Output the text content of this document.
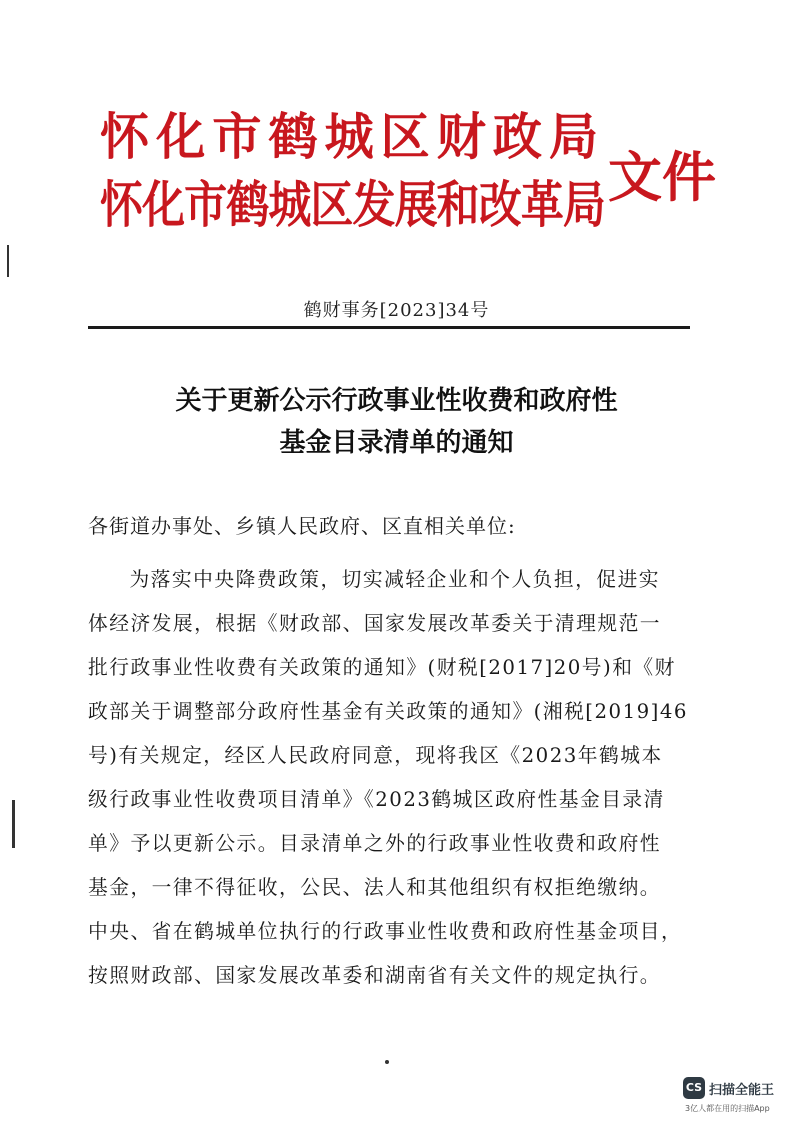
怀化市鹤城区财政局
怀化市鹤城区发展和改革局 文件
鹤财事务[2023]34号
关于更新公示行政事业性收费和政府性
基金目录清单的通知
各街道办事处、乡镇人民政府、区直相关单位:
为落实中央降费政策，切实减轻企业和个人负担，促进实
体经济发展，根据《财政部、国家发展改革委关于清理规范一
批行政事业性收费有关政策的通知》(财税[2017]20号)和《财
政部关于调整部分政府性基金有关政策的通知》(湘税[2019]46
号)有关规定，经区人民政府同意，现将我区《2023年鹤城本
级行政事业性收费项目清单》《2023鹤城区政府性基金目录清
单》予以更新公示。目录清单之外的行政事业性收费和政府性
基金，一律不得征收，公民、法人和其他组织有权拒绝缴纳。
中央、省在鹤城单位执行的行政事业性收费和政府性基金项目，
按照财政部、国家发展改革委和湖南省有关文件的规定执行。
CS 扫描全能王
3亿人都在用的扫描App
